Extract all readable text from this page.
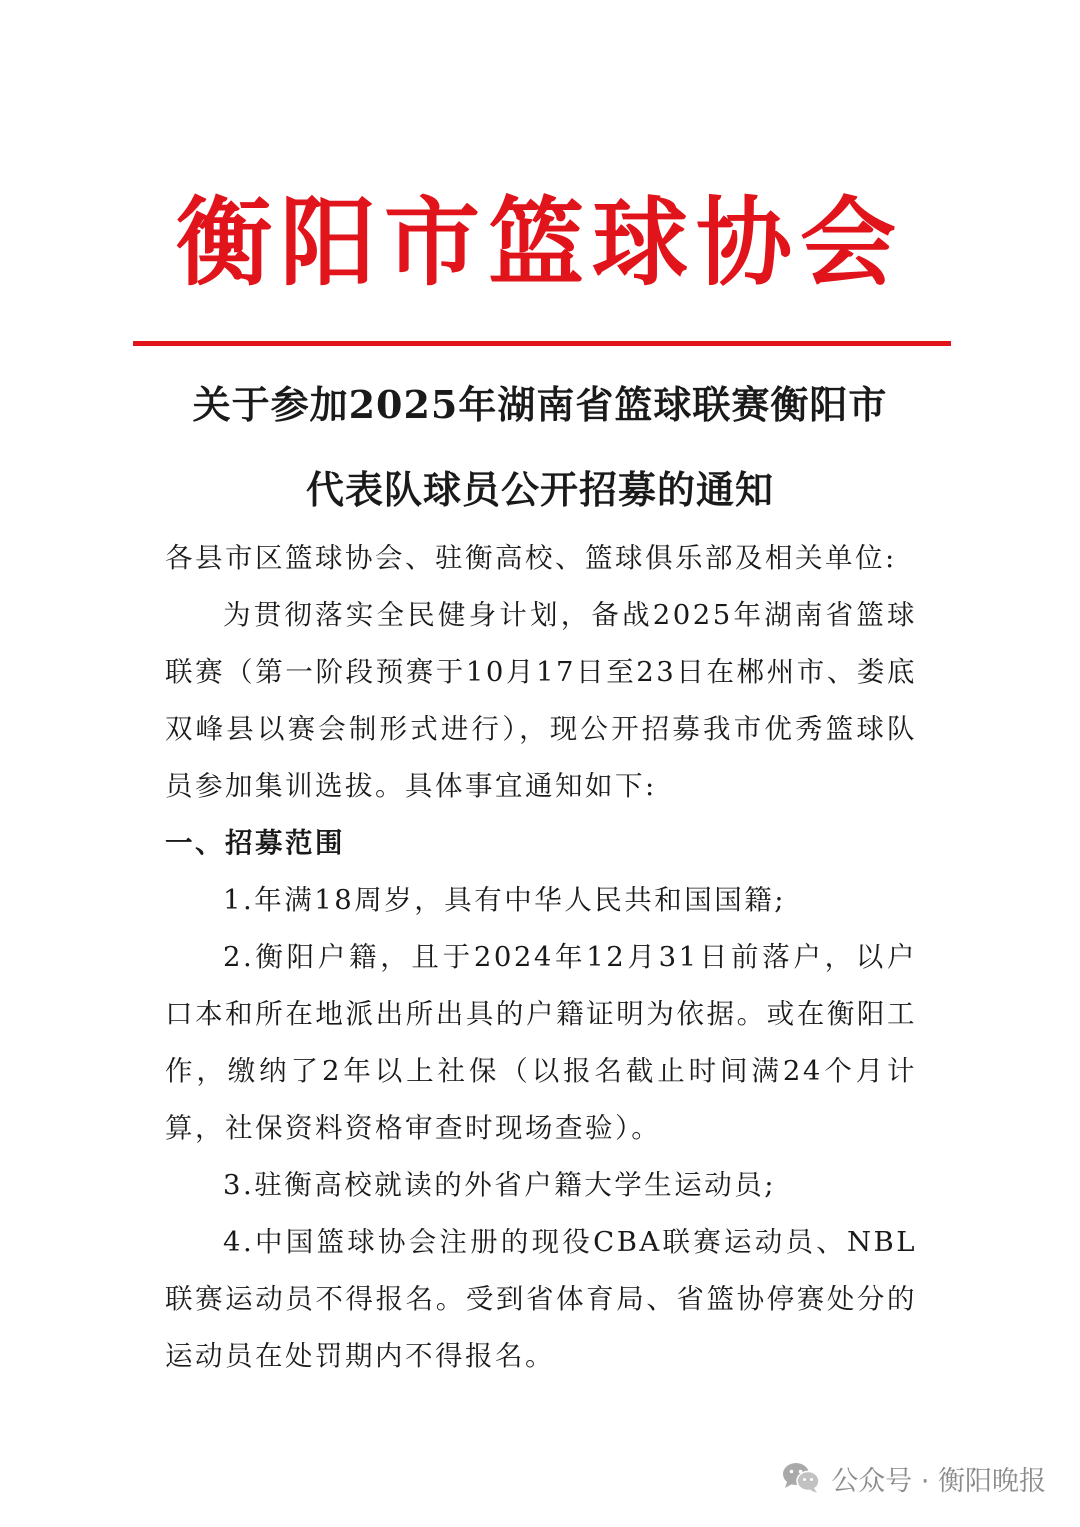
衡阳市篮球协会
关于参加2025年湖南省篮球联赛衡阳市
代表队球员公开招募的通知
各县市区篮球协会、驻衡高校、篮球俱乐部及相关单位:
为贯彻落实全民健身计划，备战2025年湖南省篮球联赛（第一阶段预赛于10月17日至23日在郴州市、娄底双峰县以赛会制形式进行），现公开招募我市优秀篮球队员参加集训选拔。具体事宜通知如下:
一、招募范围
1.年满18周岁，具有中华人民共和国国籍;
2.衡阳户籍，且于2024年12月31日前落户，以户口本和所在地派出所出具的户籍证明为依据。或在衡阳工作，缴纳了2年以上社保（以报名截止时间满24个月计算，社保资料资格审查时现场查验）。
3.驻衡高校就读的外省户籍大学生运动员;
4.中国篮球协会注册的现役CBA联赛运动员、NBL联赛运动员不得报名。受到省体育局、省篮协停赛处分的运动员在处罚期内不得报名。
公众号 · 衡阳晚报
